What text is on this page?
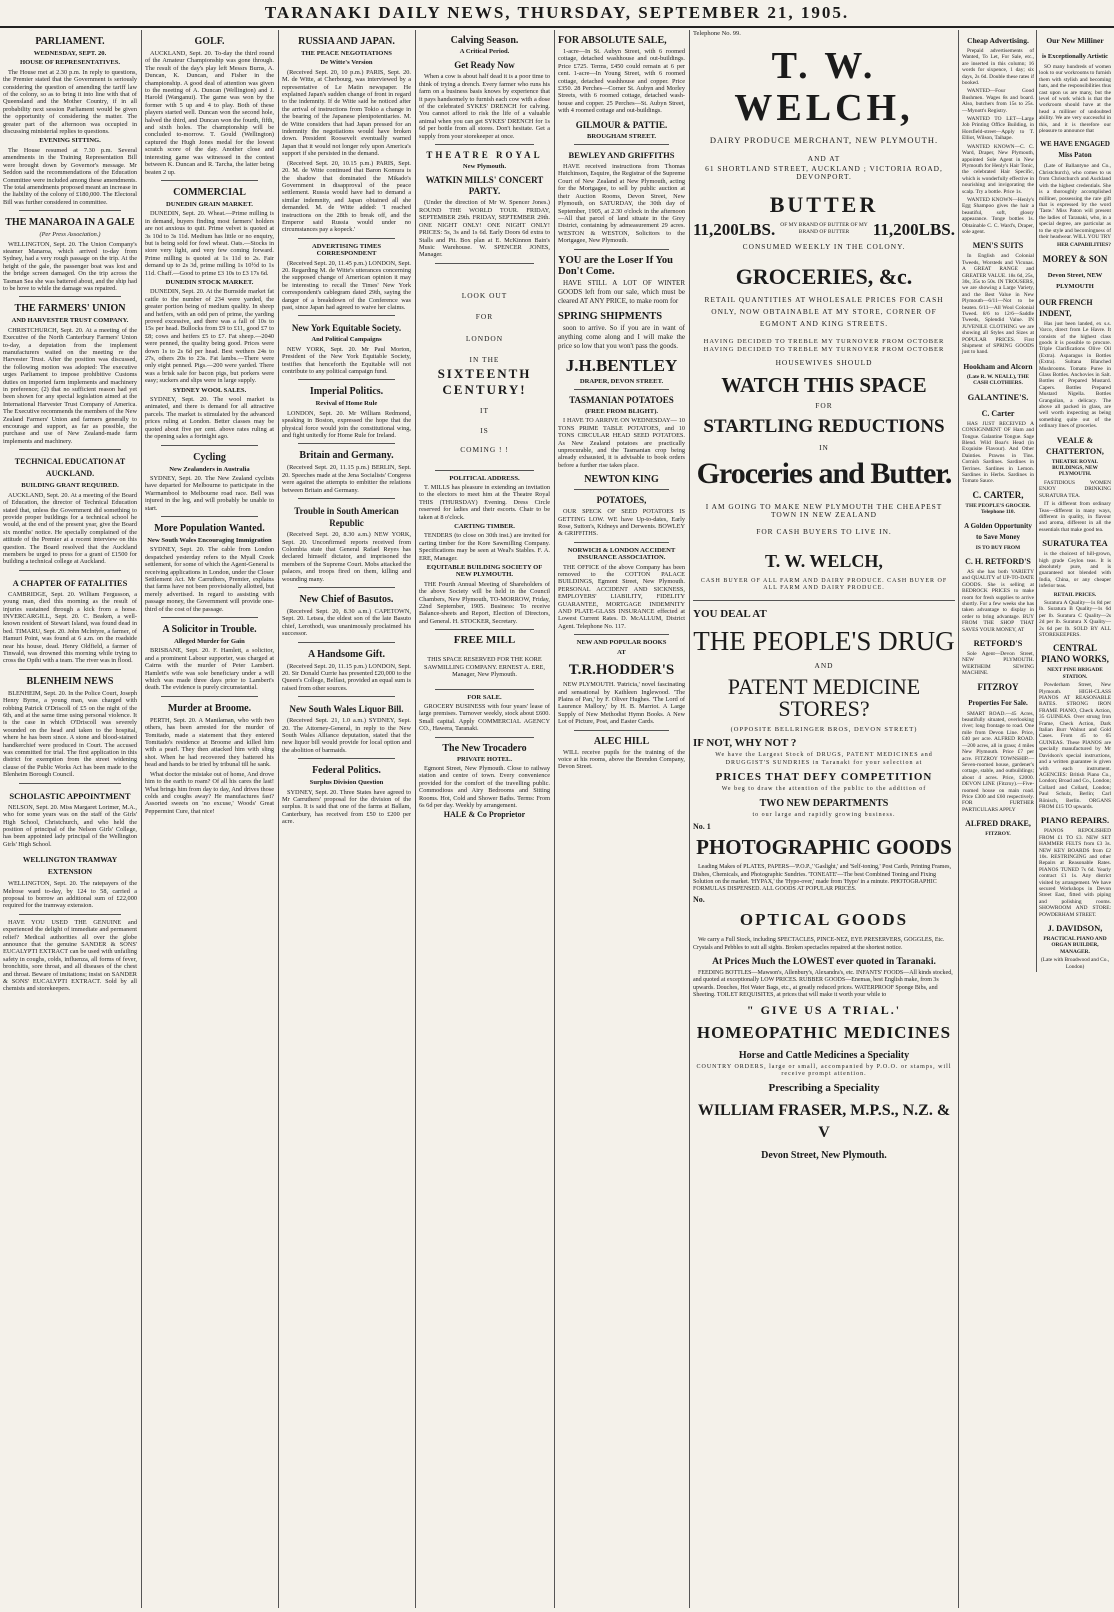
TARANAKI DAILY NEWS, THURSDAY, SEPTEMBER 21, 1905.
PARLIAMENT.
WEDNESDAY, SEPT. 20.
HOUSE OF REPRESENTATIVES.

The House met at 2.30 p.m. In reply to questions, the Premier stated that the Government is seriously considering the question of amending the tariff law of the colony, so as to bring it into line with that of Queensland and the Mother Country, if in all probability next session Parliament would be given the opportunity of considering the matter. The greater part of the afternoon was occupied in discussing ministerial replies to questions.

EVENING SITTING.

The House resumed at 7.30 p.m. Several amendments in the Training Representation Bill were brought down by Governor's message. Mr Seddon said the recommendations of the Education Committee were included among these amendments. The total amendments proposed meant an increase in the liability of the colony of £180,000. The Electoral Bill was further considered in committee.

THE MANAROA IN A GALE
(Per Press Association.)

WELLINGTON, Sept. 20. The Union Company's steamer Manaroa, which arrived to-day from Sydney, had a very rough passage on the trip. At the height of the gale, the passenger boat was lost and the bridge screen damaged. On the trip across the Tasman Sea she was battered about, and the ship had to be hove to while the damage was repaired.

THE FARMERS' UNION
AND HARVESTER TRUST COMPANY.

CHRISTCHURCH, Sept. 20. At a meeting of the Executive of the North Canterbury Farmers' Union to-day, a deputation from the implement manufacturers waited on the meeting re the Harvester Trust. After the position was discussed, the following motion was adopted: The executive urges Parliament to impose prohibitive Customs duties on imported farm implements and machinery in preference; (2) that no sufficient reason had yet been shown for any special legislation aimed at the International Harvester Trust Company of America. The Executive recommends the members of the New Zealand Farmers' Union and farmers generally to encourage and support, as far as possible, the purchase and use of New Zealand-made farm implements and machinery.

TECHNICAL EDUCATION AT AUCKLAND.
BUILDING GRANT REQUIRED.

AUCKLAND, Sept. 20. At a meeting of the Board of Education, the director of Technical Education stated that, unless the Government did something to provide proper buildings for a technical school he would, at the end of the present year, give the Board six months' notice. He specially complained of the attitude of the Premier at a recent interview on this question. The Board resolved that the Auckland members be urged to press for a grant of £1500 for building a technical college at Auckland.

A CHAPTER OF FATALITIES

CAMBRIDGE, Sept. 20. William Fergusson, a young man, died this morning as the result of injuries sustained through a kick from a horse. INVERCARGILL, Sept. 20. C. Beaken, a well-known resident of Stewart Island, was found dead in bed. TIMARU, Sept. 20. John Mclntyre, a farmer, of Hamuri Point, was found at 6 a.m. on the roadside near his house, dead. Henry Oldfield, a farmer of Tinwald, was drowned this morning while trying to cross the Opihi with a team. The river was in flood.

BLENHEIM NEWS

BLENHEIM, Sept. 20. In the Police Court, Joseph Henry Byrne, a young man, was charged with robbing Patrick O'Driscoll of £5 on the night of the 6th, and at the same time using personal violence. It is the case in which O'Driscoll was severely wounded on the head and taken to the hospital, where he has been since. A stone and blood-stained handkerchief were produced in Court. The accused was committed for trial. The first application in this district for exemption from the street widening clause of the Public Works Act has been made to the Blenheim Borough Council.

SCHOLASTIC APPOINTMENT

NELSON, Sept. 20. Miss Margaret Lorimer, M.A., who for some years was on the staff of the Girls' High School, Christchurch, and who held the position of principal of the Nelson Girls' College, has been appointed lady principal of the Wellington Girls' High School.

WELLINGTON TRAMWAY EXTENSION

WELLINGTON, Sept. 20. The ratepayers of the Melrose ward to-day, by 124 to 58, carried a proposal to borrow an additional sum of £22,000 required for the tramway extension.

HAVE YOU USED THE GENUINE and experienced the delight of immediate and permanent relief? Medical authorities all over the globe announce that the genuine SANDER & SONS' EUCALYPTI EXTRACT can be used with unfailing safety in coughs, colds, influenza, all forms of fever, bronchitis, sore throat, and all diseases of the chest and throat. Beware of imitations; insist on SANDER & SONS' EUCALYPTI EXTRACT. Sold by all chemists and storekeepers.

GOLF.

AUCKLAND, Sept. 20. To-day the third round of the Amateur Championship was gone through. The result of the day's play left Messrs Burns, A. Duncan, K. Duncan, and Fisher in the championship. A good deal of attention was given to the meeting of A. Duncan (Wellington) and J. Harold (Wanganui). The game was won by the former with 5 up and 4 to play. Both of these players started well. Duncan won the second hole, halved the third, and Duncan won the fourth, fifth, and sixth holes. The championship will be concluded to-morrow. T. Gould (Wellington) captured the Hugh Jones medal for the lowest scratch score of the day. Another close and interesting game was witnessed in the contest between K. Duncan and R. Tarcha, the latter being beaten 2 up.

COMMERCIAL
DUNEDIN GRAIN MARKET.

DUNEDIN, Sept. 20. Wheat.—Prime milling is in demand, buyers finding most farmers' holders are not anxious to quit. Prime velvet is quoted at 3s 10d to 3s 11d. Medium has little or no enquiry, but is being sold for fowl wheat. Oats.—Stocks in store very light, and very few coming forward. Prime milling is quoted at 1s 11d to 2s. Fair demand up to 2s 3d, prime milling 1s 10½d to 1s 11d. Chaff.—Good to prime £3 10s to £3 17s 6d.

DUNEDIN STOCK MARKET.

DUNEDIN, Sept. 20. At the Burnside market fat cattle to the number of 234 were yarded, the greater portion being of medium quality. In sheep and heifers, with an odd pen of prime, the yarding proved excessive, and there was a fall of 10s to 15s per head. Bullocks from £9 to £11, good £7 to £8; cows and heifers £5 to £7. Fat sheep.—2040 were penned, the quality being good. Prices were down 1s to 2s 6d per head. Best wethers 24s to 27s, others 20s to 23s. Fat lambs.—There were only eight penned. Pigs.—200 were yarded. There was a brisk sale for bacon pigs, but porkers were easy; suckers and slips were in large supply.

SYDNEY WOOL SALES.

SYDNEY, Sept. 20. The wool market is animated, and there is demand for all attractive parcels. The market is stimulated by the advanced prices ruling at London. Better classes may be quoted about five per cent. above rates ruling at the opening sales a fortnight ago.

Cycling
New Zealanders in Australia

SYDNEY, Sept. 20. The New Zealand cyclists have departed for Melbourne to participate in the Warrnambool to Melbourne road race. Bell was injured in the leg, and will probably be unable to start.

More Population Wanted.
New South Wales Encouraging Immigration

SYDNEY, Sept. 20. The cable from London despatched yesterday refers to the Myall Creek settlement, for some of which the Agent-General is receiving applications in London, under the Closer Settlement Act. Mr Carruthers, Premier, explains that farms have not been provisionally allotted, but merely advertised. In regard to assisting with passage money, the Government will provide one-third of the cost of the passage.

A Solicitor in Trouble.
Alleged Murder for Gain

BRISBANE, Sept. 20. F. Hamlett, a solicitor, and a prominent Labour supporter, was charged at Cairns with the murder of Peter Lambert. Hamlett's wife was sole beneficiary under a will which was made three days prior to Lambert's death. The evidence is purely circumstantial.

Murder at Broome.

PERTH, Sept. 20. A Manilaman, who with two others, has been arrested for the murder of Tomitado, made a statement that they entered Tomitado's residence at Broome and killed him with a pearl. They then attacked him with sling shot. When he had recovered they battered his head and hands to be tried by tribunal till he sank.

What doctor the mistake out of home, And drove him to the earth to roam? Of all his cares the last! What brings him from day to day, And drives those colds and coughs away? He manufactures fast? Assorted sweets on 'no excuse,' Woods' Great Peppermint Cure, that nice!

RUSSIA AND JAPAN.
THE PEACE NEGOTIATIONS
De Witte's Version

(Received Sept. 20, 10 p.m.) PARIS, Sept. 20. M. de Witte, at Cherbourg, was interviewed by a representative of Le Matin newspaper. He explained Japan's sudden change of front in regard to the indemnity. If de Witte said he noticed after the arrival of instructions from Tokio a change in the bearing of the Japanese plenipotentiaries. M. de Witte considers that had Japan pressed for an indemnity the negotiations would have broken down. President Roosevelt eventually warned Japan that it would not longer rely upon America's support if she persisted in the demand.

(Received Sept. 20, 10.15 p.m.) PARIS, Sept. 20. M. de Witte continued that Baron Komura is the shadow that dominated the Mikado's Government in disapproval of the peace settlement. Russia would have had to demand a similar indemnity, and Japan obtained all she demanded. M. de Witte added: 'I reached instructions on the 28th to break off, and the Emperor said Russia would under no circumstances pay a kopeck.'

ADVERTISING TIMES CORRESPONDENT

(Received Sept. 20, 11.45 p.m.) LONDON, Sept. 20. Regarding M. de Witte's utterances concerning the supposed change of American opinion it may be interesting to recall the Times' New York correspondent's cablegram dated 29th, saying the danger of a breakdown of the Conference was past, since Japan had agreed to waive her claims.

New York Equitable Society.
And Political Campaigns

NEW YORK, Sept. 20. Mr Paul Morton, President of the New York Equitable Society, testifies that henceforth the Equitable will not contribute to any political campaign fund.

Imperial Politics.
Revival of Home Rule

LONDON, Sept. 20. Mr William Redmond, speaking in Boston, expressed the hope that the physical force would join the constitutional wing, and fight unitedly for Home Rule for Ireland.

Britain and Germany.

(Received Sept. 20, 11.15 p.m.) BERLIN, Sept. 20. Speeches made at the Jena Socialists' Congress were against the attempts to embitter the relations between Britain and Germany.

Trouble in South American Republic

(Received Sept. 20, 8.30 a.m.) NEW YORK, Sept. 20. Unconfirmed reports received from Colombia state that General Rafael Reyes has declared himself dictator, and imprisoned the members of the Supreme Court. Mobs attacked the palaces, and troops fired on them, killing and wounding many.

New Chief of Basutos.

(Received Sept. 20, 8.30 a.m.) CAPETOWN, Sept. 20. Letsea, the eldest son of the late Basuto chief, Lerothodi, was unanimously proclaimed his successor.

A Handsome Gift.

(Received Sept. 20, 11.15 p.m.) LONDON, Sept. 20. Sir Donald Currie has presented £20,000 to the Queen's College, Belfast, provided an equal sum is raised from other sources.

New South Wales Liquor Bill.

(Received Sept. 21, 1.0 a.m.) SYDNEY, Sept. 20. The Attorney-General, in reply to the New South Wales Alliance deputation, stated that the new liquor bill would provide for local option and the abolition of barmaids.

Federal Politics.
Surplus Division Question

SYDNEY, Sept. 20. Three States have agreed to Mr Carruthers' proposal for the division of the surplus. It is said that one of the farms at Ballam, Canterbury, has received from £50 to £200 per acre.

Calving Season.
A Critical Period.
Get Ready Now

When a cow is about half dead it is a poor time to think of trying a drench. Every farmer who runs his farm on a business basis knows by experience that it pays handsomely to furnish each cow with a dose of the celebrated SYKES' DRENCH for calving. You cannot afford to risk the life of a valuable animal when you can get SYKES' DRENCH for 1s 6d per bottle from all stores. Don't hesitate. Get a supply from your storekeeper at once.

THEATRE ROYAL
New Plymouth.
WATKIN MILLS' CONCERT PARTY.

(Under the direction of Mr W. Spencer Jones.) ROUND THE WORLD TOUR. FRIDAY, SEPTEMBER 29th. FRIDAY, SEPTEMBER 29th. ONE NIGHT ONLY! ONE NIGHT ONLY! PRICES: 5s, 3s and 1s 6d. Early Doors 6d extra to Stalls and Pit. Box plan at E. McKinnon Bain's Music Warehouse. W. SPENCER JONES, Manager.

LOOK OUT
FOR
LONDON
IN THE
SIXTEENTH
CENTURY!
IT
IS
COMING ! !
POLITICAL ADDRESS.

T. MILLS has pleasure in extending an invitation to the electors to meet him at the Theatre Royal THIS (THURSDAY) Evening. Dress Circle reserved for ladies and their escorts. Chair to be taken at 8 o'clock.

CARTING TIMBER.

TENDERS (to close on 30th inst.) are invited for carting timber for the Kore Sawmilling Company. Specifications may be seen at Weal's Stables. F. A. ERE, Manager.

EQUITABLE BUILDING SOCIETY OF NEW PLYMOUTH.

THE Fourth Annual Meeting of Shareholders of the above Society will be held in the Council Chambers, New Plymouth, TO-MORROW, Friday, 22nd September, 1905. Business: To receive Balance-sheets and Report, Election of Directors, and General. H. STOCKER, Secretary.

FREE MILL

THIS SPACE RESERVED FOR THE KORE SAWMILLING COMPANY. ERNEST A. ERE, Manager, New Plymouth.

FOR SALE.

GROCERY BUSINESS with four years' lease of large premises. Turnover weekly, stock about £600. Small capital. Apply COMMERCIAL AGENCY CO., Hawera, Taranaki.

The New Trocadero
PRIVATE HOTEL.

Egmont Street, New Plymouth. Close to railway station and centre of town. Every convenience provided for the comfort of the travelling public. Commodious and Airy Bedrooms and Sitting Rooms. Hot, Cold and Shower Baths. Terms: From 6s 6d per day. Weekly by arrangement.

HALE & Co Proprietor
FOR ABSOLUTE SALE,

1-acre—In St. Aubyn Street, with 6 roomed cottage, detached washhouse and out-buildings. Price £725. Terms, £450 could remain at 6 per cent. 1-acre—In Young Street, with 6 roomed cottage, detached washhouse and copper. Price £350. 28 Perches—Corner St. Aubyn and Morley Streets, with 6 roomed cottage, detached wash-house and copper. 25 Perches—St. Aubyn Street, with 4 roomed cottage and out-buildings.

GILMOUR & PATTIE.
BROUGHAM STREET.
BEWLEY AND GRIFFITHS

HAVE received instructions from Thomas Hutchinson, Esquire, the Registrar of the Supreme Court of New Zealand at New Plymouth, acting for the Mortgagee, to sell by public auction at their Auction Rooms, Devon Street, New Plymouth, on SATURDAY, the 30th day of September, 1905, at 2.30 o'clock in the afternoon—All that parcel of land situate in the Grey District, containing by admeasurement 29 acres. WESTON & WESTON, Solicitors to the Mortgagee, New Plymouth.

YOU are the Loser If You Don't Come.

HAVE STILL A LOT OF WINTER GOODS left from our sale, which must be cleared AT ANY PRICE, to make room for

SPRING SHIPMENTS

soon to arrive. So if you are in want of anything come along and I will make the price so low that you won't pass the goods.

J.H.BENTLEY
DRAPER, DEVON STREET.
TASMANIAN POTATOES
(FREE FROM BLIGHT).

I HAVE TO ARRIVE ON WEDNESDAY— 10 TONS PRIME TABLE POTATOES, and 10 TONS CIRCULAR HEAD SEED POTATOES. As New Zealand potatoes are practically unprocurable, and the Tasmanian crop being already exhausted, it is advisable to book orders before a further rise takes place.

NEWTON KING
POTATOES,

OUR SPECK OF SEED POTATOES IS GETTING LOW. WE have Up-to-dates, Early Rose, Sutton's, Kidneys and Derwents. BOWLEY & GRIFFITHS.

NORWICH & LONDON ACCIDENT INSURANCE ASSOCIATION.

THE OFFICE of the above Company has been removed to the COTTON PALACE BUILDINGS, Egmont Street, New Plymouth. PERSONAL ACCIDENT AND SICKNESS, EMPLOYERS' LIABILITY, FIDELITY GUARANTEE, MORTGAGE INDEMNITY AND PLATE-GLASS INSURANCE effected at Lowest Current Rates. D. McALLUM, District Agent. Telephone No. 117.

NEW AND POPULAR BOOKS
AT
T.R.HODDER'S

NEW PLYMOUTH. 'Patricia,' novel fascinating and sensational by Kathleen Inglewood. 'The Plains of Pan,' by F. Oliver Hughes. 'The Lord of Laurence Mallory,' by H. B. Marriot. A Large Supply of New Methodist Hymn Books. A New Lot of Picture, Post, and Easter Cards.

ALEC HILL

WILL receive pupils for the training of the voice at his rooms, above the Brendon Company, Devon Street.

Telephone No. 99.
T. W. WELCH,
DAIRY PRODUCE MERCHANT, NEW PLYMOUTH.
AND AT
61 SHORTLAND STREET, AUCKLAND ; VICTORIA ROAD, DEVONPORT.
BUTTER
11,200LBS. OF MY BRAND OF BUTTER OF MY BRAND OF BUTTER	11,200LBS.
CONSUMED WEEKLY IN THE COLONY.
GROCERIES, &c.
RETAIL QUANTITIES AT WHOLESALE PRICES FOR CASH ONLY, NOW OBTAINABLE AT MY STORE, CORNER OF EGMONT AND KING STREETS.
HAVING DECIDED TO TREBLE MY TURNOVER FROM OCTOBER HAVING DECIDED TO TREBLE MY TURNOVER FROM OCTOBER
HOUSEWIVES SHOULD
WATCH THIS SPACE
FOR
STARTLING REDUCTIONS
IN
Groceries and Butter.
I AM GOING TO MAKE NEW PLYMOUTH THE CHEAPEST TOWN IN NEW ZEALAND
FOR CASH BUYERS TO LIVE IN.
T. W. WELCH,
CASH BUYER OF ALL FARM AND DAIRY PRODUCE. CASH BUYER OF ALL FARM AND DAIRY PRODUCE.
YOU DEAL AT
THE PEOPLE'S DRUG
AND
PATENT MEDICINE STORES?
(OPPOSITE BELLRINGER BROS, DEVON STREET)
IF NOT, WHY NOT ?
We have the Largest Stock of DRUGS, PATENT MEDICINES and DRUGGIST'S SUNDRIES in Taranaki for your selection at
PRICES THAT DEFY COMPETITION
We beg to draw the attention of the public to the addition of
TWO NEW DEPARTMENTS
to our large and rapidly growing business.
No. 1
PHOTOGRAPHIC GOODS

Leading Makes of PLATES, PAPERS—'P.O.P.,' 'Gaslight,' and 'Self-toning,' Post Cards, Printing Frames, Dishes, Chemicals, and Photographic Sundries. 'TONEATE'—The best Combined Toning and Fixing Solution on the market. 'HYPAX,' the 'Hypo-over,' made from 'Hypo' in a minute. PHOTOGRAPHIC FORMULAS DISPENSED. ALL GOODS AT POPULAR PRICES.

No.
OPTICAL GOODS

We carry a Full Stock, including SPECTACLES, PINCE-NEZ, EYE PRESERVERS, GOGGLES, Etc. Crystals and Pebbles to suit all sights. Broken spectacles repaired at the shortest notice.

At Prices Much the LOWEST ever quoted in Taranaki.

FEEDING BOTTLES—Mawson's, Allenbury's, Alexandra's, etc. INFANTS' FOODS—All kinds stocked, and quoted at exceptionally LOW PRICES. RUBBER GOODS—Enemas, best English make, from 3s upwards. Douches, Hot Water Bags, etc., at greatly reduced prices. WATERPROOF Sponge Bibs, and Sheeting. TOILET REQUISITES, at prices that will make it worth your while to

" GIVE US A TRIAL.'
HOMEOPATHIC MEDICINES
Horse and Cattle Medicines a Speciality
COUNTRY ORDERS, large or small, accompanied by P.O.O. or stamps, will receive prompt attention.
Prescribing a Speciality
WILLIAM FRASER, M.P.S., N.Z. & V
Devon Street, New Plymouth.
Cheap Advertising.

Prepaid advertisements of Wanted, To Let, For Sale, etc., are inserted in this column; 16 words for sixpence, 1 day; six days, 2s 6d. Double these rates if booked.

WANTED—Four Good Bushmen. Wages 8s and board. Also, butchers from 15s to 25s.—Mynott's Registry.

WANTED TO LET—Large Job Printing Office Building, in Horsfield-street—Apply to T. Elliot, Wilson, Taihape.

WANTED KNOWN—C. C. Ward, Draper, New Plymouth, appointed Sole Agent in New Plymouth for Henly's Hair Tonic, the celebrated Hair Specific, which is wonderfully effective in nourishing and invigorating the scalp. Try a bottle. Price 1s.

WANTED KNOWN—Henly's Egg Shampoo gives the hair a beautiful, soft, glossy appearance. Tonge bottles 1s. Obtainable C. C. Ward's, Draper, sole agent.

MEN'S SUITS

In English and Colonial Tweeds, Worsteds and Vicunas. A GREAT RANGE and GREATER VALUE. 18s 6d, 25s, 30s, 35s to 50s. IN TROUSERS, we are showing a Large Variety, and the Best Value in New Plymouth—6/11—Not to be beaten. 6/11—All Wool Colonial Tweed. 8/6 to 12/6—Saddle Tweeds, Splendid Value. IN JUVENILE CLOTHING we are showing all Styles and Sizes at POPULAR PRICES. First Shipment of SPRING GOODS just to hand.

Hookham and Alcorn
(Late R. W. NEALL), THE CASH CLOTHIERS.
GALANTINE'S.
C. Carter

HAS JUST RECEIVED A CONSIGNMENT OF Ham and Tongue. Galantine Tongue. Sage Blend. Wild Boar's Head (in Exquisite Flavour). And Other Dainties. Prawns in Tins. Cornish Sardines. Sardines in Terrines. Sardines in Lemon. Sardines in Herbs. Sardines in Tomato Sauce.

C. CARTER,
THE PEOPLE'S GROCER. Telephone 110.
A Golden Opportunity to Save Money
IS TO BUY FROM
C. H. RETFORD'S

AS she has both VARIETY and QUALITY of UP-TO-DATE GOODS. She is selling at BEDROCK PRICES to make room for fresh supplies to arrive shortly. For a few weeks she has taken advantage to display in order to bring advantage. BUY FROM THE SHOP THAT SAVES YOUR MONEY, AT

RETFORD'S

Sole Agent—Devon Street, NEW PLYMOUTH. WERTHEIM SEWING MACHINE.

FITZROY
Properties For Sale.

SMART ROAD.—45 Acres, beautifully situated, overlooking river; long frontage to road. One mile from Devon Line. Price, £40 per acre. ALFRED ROAD.—200 acres, all in grass; 4 miles New Plymouth. Price £7 per acre. FITZROY TOWNSHIP.—Seven-roomed house, gardener's cottage, stable, and outbuildings; about 4 acres. Price, £2000. DEVON LINE (Fitzroy).—Five-roomed house on main road. Price £300 and £60 respectively. FOR FURTHER PARTICULARS APPLY

ALFRED DRAKE,
FITZROY.
Our New Milliner
is Exceptionally Artistic

SO many hundreds of women look to our workrooms to furnish them with stylish and becoming hats, and the responsibilities thus cast upon us are many, but the level of work which is that the workroom should have at the head a milliner of undoubted ability. We are very successful in this, and it is therefore our pleasure to announce that

WE HAVE ENGAGED Miss Paton

(Late of Ballantyne and Co., Christchurch), who comes to us from Christchurch and Auckland with the highest credentials. She is a thoroughly accomplished milliner, possessing the rare gift that is expressed by the word 'Taste.' Miss Paton will present the ladies of Taranaki, who, in a special degree, are particular as to the style and becomingness of their headwear. WILL YOU TRY

HER CAPABILITIES?
MOREY & SON
Devon Street, NEW PLYMOUTH
OUR FRENCH INDENT,

Has just been landed, ex s.s. Varco, direct from Le Havre. It consists of the highest class goods it is possible to procure. Triple Clarifications Olive Oil (Extra). Asparagus in Bottles (Extra). Sultana Blanched Mushrooms. Tomato Puree in Glass Bottles. Anchovies in Salt. Bottles of Prepared Mustard. Capers. Bottles Prepared Mustard Nigella. Bottles Grangolian, a delicacy. The above all packed in glass, are well worth inspecting as being something quite out of the ordinary lines of groceries.

VEALE & CHATTERTON,
THEATRE ROYAL BUILDINGS, NEW PLYMOUTH.

FASTIDIOUS WOMEN ENJOY DRINKING SURATURA TEA.

IT is different from ordinary Teas—different in many ways, different in quality, in flavour and aroma, different in all the essentials that make good tea.

SURATURA TEA

is the choicest of hill-grown, high grade Ceylon teas. It is absolutely pure, and is guaranteed not blended with India, China, or any cheaper inferior teas.

RETAIL PRICES.

Suratura A Quality—1s 8d per lb. Suratura B Quality—1s 6d per lb. Suratura C Quality—2s 2d per lb. Suratura X Quality—2s 6d per lb. SOLD BY ALL STOREKEEPERS.

CENTRAL PIANO WORKS,
NEXT PINE BRIGADE STATION.

Powderham Street, New Plymouth. HIGH-CLASS PIANOS AT REASONABLE RATES. STRONG IRON FRAME PIANO, Check Action, 35 GUINEAS. Over strung Iron Frame, Check Action, Dark Italian Burr Walnut and Gold Cases. From 45 to 65 GUINEAS. These PIANOS are specially manufactured by Mr Davidson's special instructions, and a written guarantee is given with each instrument. AGENCIES: British Piano Co., London; Broad and Co., London; Collard and Collard, London; Paul Schulz, Berlin; Carl Rönisch, Berlin. ORGANS FROM £15 TO upwards.

PIANO REPAIRS.

PIANOS REPOLISHED FROM £1 TO £3. NEW SET HAMMER FELTS from £3 3s. NEW KEY BOARDS from £2 10s. RESTRINGING and other Repairs at Reasonable Rates. PIANOS TUNED 7s 6d. Yearly contract £1 1s. Any district visited by arrangement. We have secured Workshops in Devon Street East, fitted with piping and polishing rooms. SHOWROOM AND STORE: POWDERHAM STREET.

J. DAVIDSON,
PRACTICAL PIANO AND ORGAN BUILDER, MANAGER.
(Late with Broadwood and Co., London)
